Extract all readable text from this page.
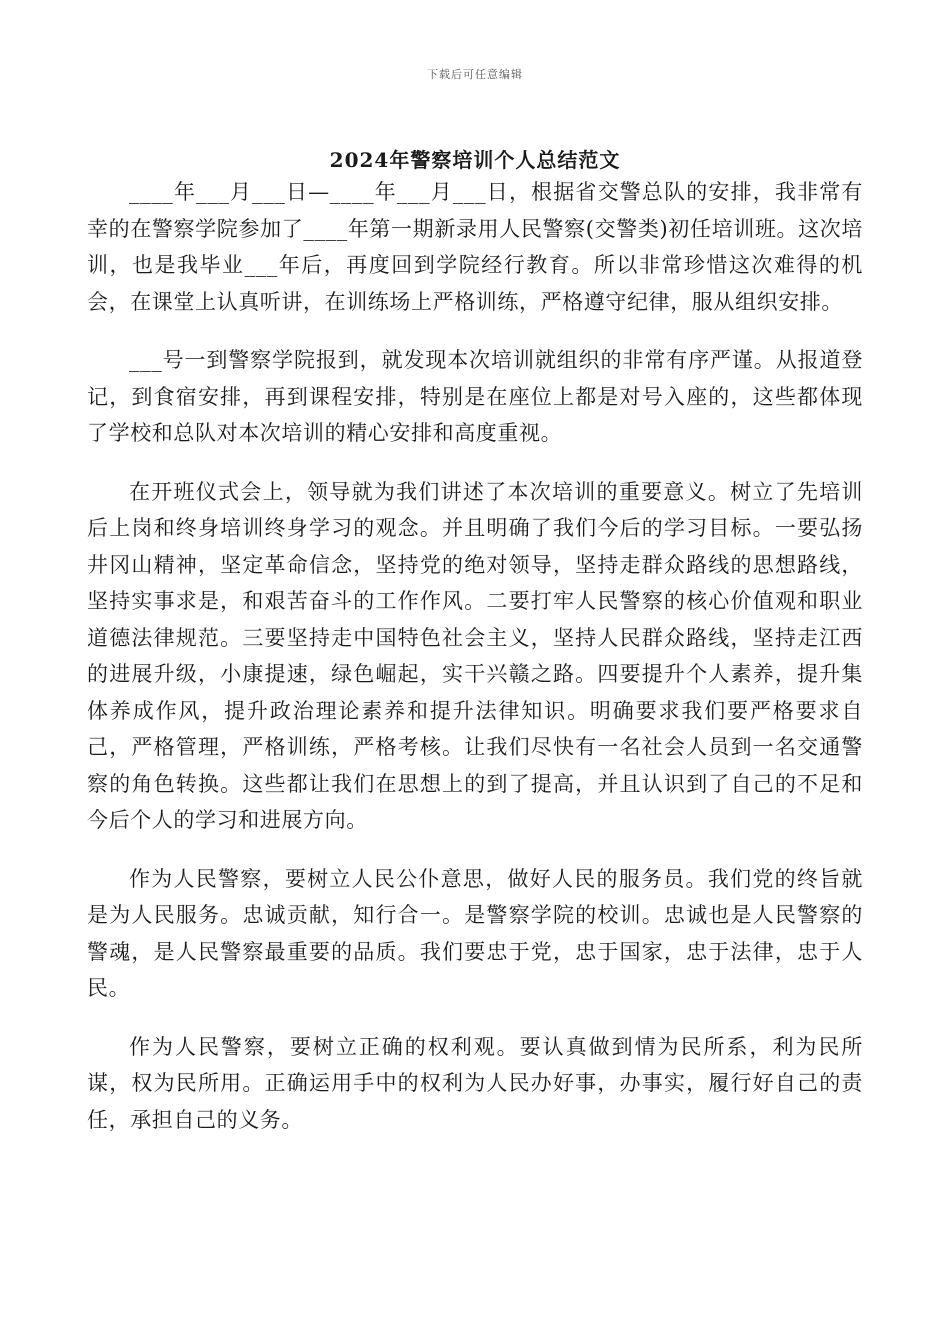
下载后可任意编辑
2024年警察培训个人总结范文

____年___月___日—____年___月___日，根据省交警总队的安排，我非常有幸的在警察学院参加了____年第一期新录用人民警察(交警类)初任培训班。这次培训，也是我毕业___年后，再度回到学院经行教育。所以非常珍惜这次难得的机会，在课堂上认真听讲，在训练场上严格训练，严格遵守纪律，服从组织安排。

___号一到警察学院报到，就发现本次培训就组织的非常有序严谨。从报道登记，到食宿安排，再到课程安排，特别是在座位上都是对号入座的，这些都体现了学校和总队对本次培训的精心安排和高度重视。

在开班仪式会上，领导就为我们讲述了本次培训的重要意义。树立了先培训后上岗和终身培训终身学习的观念。并且明确了我们今后的学习目标。一要弘扬井冈山精神，坚定革命信念，坚持党的绝对领导，坚持走群众路线的思想路线，坚持实事求是，和艰苦奋斗的工作作风。二要打牢人民警察的核心价值观和职业道德法律规范。三要坚持走中国特色社会主义，坚持人民群众路线，坚持走江西的进展升级，小康提速，绿色崛起，实干兴赣之路。四要提升个人素养，提升集体养成作风，提升政治理论素养和提升法律知识。明确要求我们要严格要求自己，严格管理，严格训练，严格考核。让我们尽快有一名社会人员到一名交通警察的角色转换。这些都让我们在思想上的到了提高，并且认识到了自己的不足和今后个人的学习和进展方向。

作为人民警察，要树立人民公仆意思，做好人民的服务员。我们党的终旨就是为人民服务。忠诚贡献，知行合一。是警察学院的校训。忠诚也是人民警察的警魂，是人民警察最重要的品质。我们要忠于党，忠于国家，忠于法律，忠于人民。

作为人民警察，要树立正确的权利观。要认真做到情为民所系，利为民所谋，权为民所用。正确运用手中的权利为人民办好事，办事实，履行好自己的责任，承担自己的义务。
